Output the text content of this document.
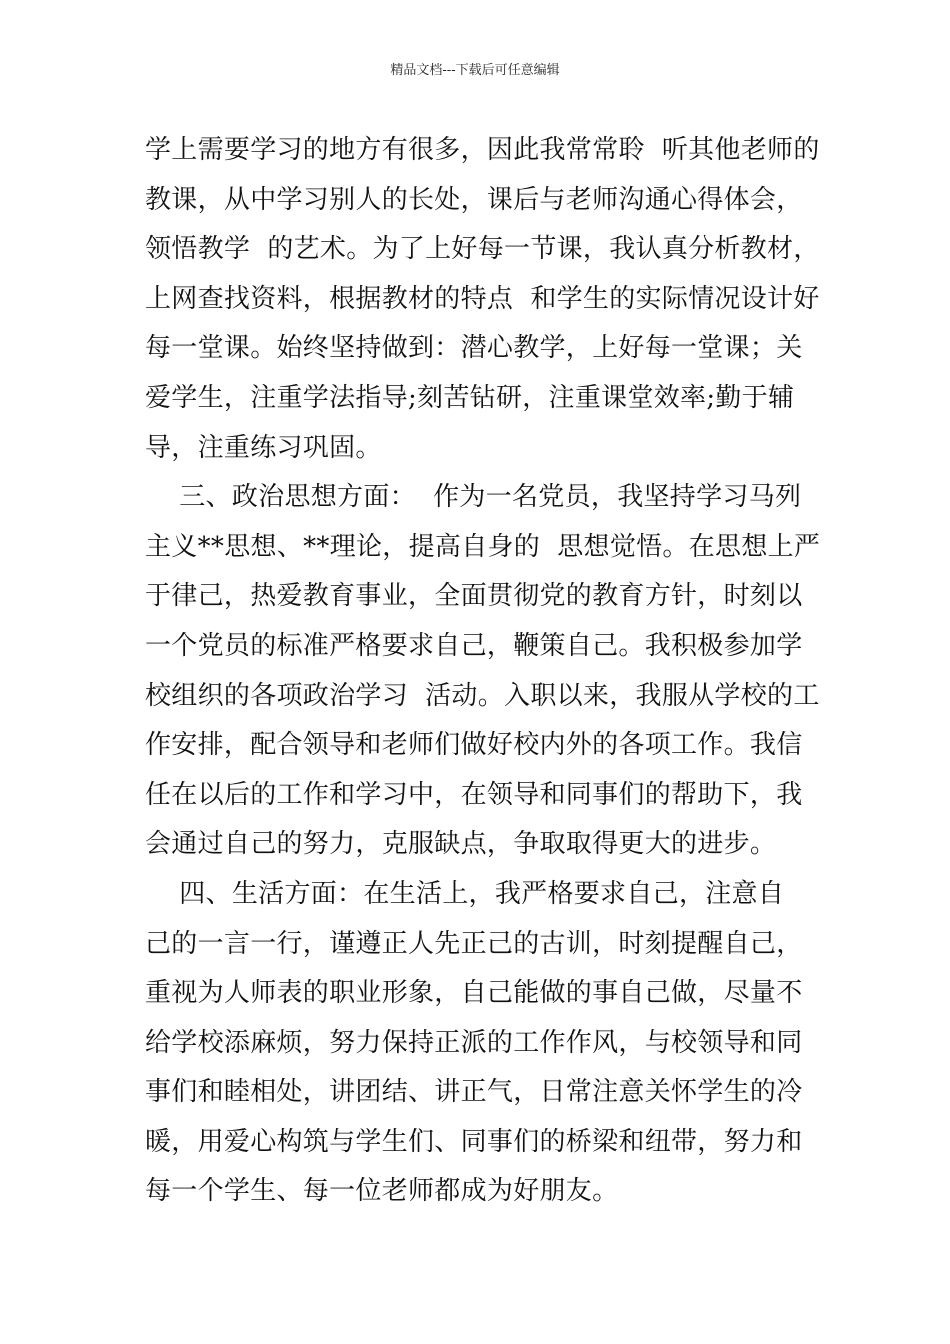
精品文档---下载后可任意编辑
学上需要学习的地方有很多，因此我常常聆  听其他老师的
教课，从中学习别人的长处，课后与老师沟通心得体会，
领悟教学  的艺术。为了上好每一节课，我认真分析教材，
上网查找资料，根据教材的特点  和学生的实际情况设计好
每一堂课。始终坚持做到：潜心教学，上好每一堂课；关
爱学生，注重学法指导;刻苦钻研，注重课堂效率;勤于辅
导，注重练习巩固。
三、政治思想方面：  作为一名党员，我坚持学习马列
主义**思想、**理论，提高自身的  思想觉悟。在思想上严
于律己，热爱教育事业，全面贯彻党的教育方针，时刻以
一个党员的标准严格要求自己，鞭策自己。我积极参加学
校组织的各项政治学习  活动。入职以来，我服从学校的工
作安排，配合领导和老师们做好校内外的各项工作。我信
任在以后的工作和学习中，在领导和同事们的帮助下，我
会通过自己的努力，克服缺点，争取取得更大的进步。
四、生活方面：在生活上，我严格要求自己，注意自
己的一言一行，谨遵正人先正己的古训，时刻提醒自己，
重视为人师表的职业形象，自己能做的事自己做，尽量不
给学校添麻烦，努力保持正派的工作作风，与校领导和同
事们和睦相处，讲团结、讲正气，日常注意关怀学生的冷
暖，用爱心构筑与学生们、同事们的桥梁和纽带，努力和
每一个学生、每一位老师都成为好朋友。
